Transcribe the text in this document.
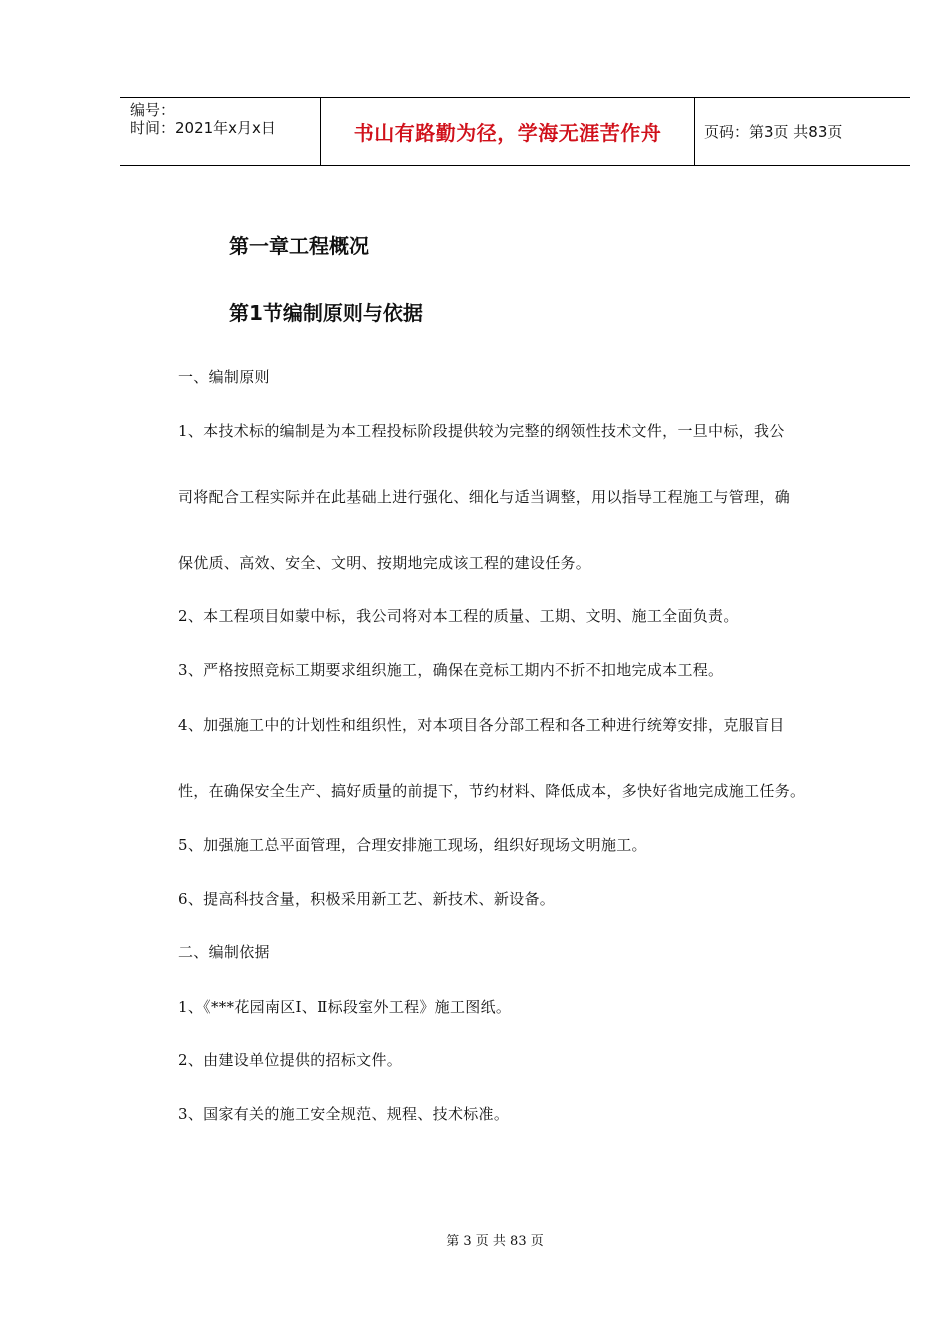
编号：
时间：2021年x月x日	书山有路勤为径，学海无涯苦作舟	页码：第3页 共83页
第一章工程概况
第1节编制原则与依据
一、编制原则
1、本技术标的编制是为本工程投标阶段提供较为完整的纲领性技术文件，一旦中标，我公
司将配合工程实际并在此基础上进行强化、细化与适当调整，用以指导工程施工与管理，确
保优质、高效、安全、文明、按期地完成该工程的建设任务。
2、本工程项目如蒙中标，我公司将对本工程的质量、工期、文明、施工全面负责。
3、严格按照竞标工期要求组织施工，确保在竞标工期内不折不扣地完成本工程。
4、加强施工中的计划性和组织性，对本项目各分部工程和各工种进行统筹安排，克服盲目
性，在确保安全生产、搞好质量的前提下，节约材料、降低成本，多快好省地完成施工任务。
5、加强施工总平面管理，合理安排施工现场，组织好现场文明施工。
6、提高科技含量，积极采用新工艺、新技术、新设备。
二、编制依据
1、《***花园南区Ⅰ、Ⅱ标段室外工程》施工图纸。
2、由建设单位提供的招标文件。
3、国家有关的施工安全规范、规程、技术标准。
第 3 页 共 83 页
